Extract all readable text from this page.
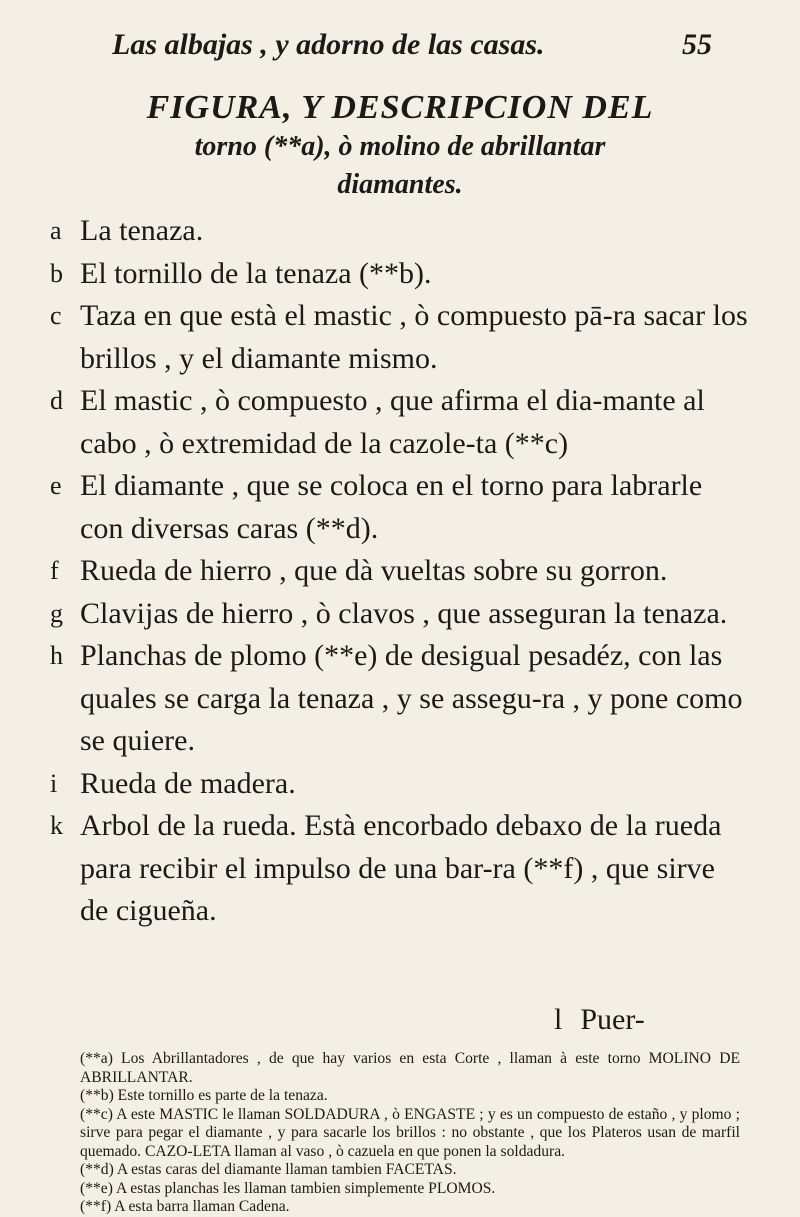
Las albajas , y adorno de las casas.	55
FIGURA, Y DESCRIPCION DEL
torno (**a), ò molino de abrillantar
diamantes.
a La tenaza.
b El tornillo de la tenaza (**b).
c Taza en que està el mastic , ò compuesto pā-ra sacar los brillos , y el diamante mismo.
d El mastic , ò compuesto , que afirma el dia-mante al cabo , ò extremidad de la cazole-ta (**c)
e El diamante , que se coloca en el torno para labrarle con diversas caras (**d).
f Rueda de hierro , que dà vueltas sobre su gorron.
g Clavijas de hierro , ò clavos , que asseguran la tenaza.
h Planchas de plomo (**e) de desigual pesadéz, con las quales se carga la tenaza , y se assegu-ra , y pone como se quiere.
i Rueda de madera.
k Arbol de la rueda. Està encorbado debaxo de la rueda para recibir el impulso de una bar-ra (**f) , que sirve de cigueña.
l Puer-
(**a) Los Abrillantadores , de que hay varios en esta Corte , llaman à este torno MOLINO DE ABRILLANTAR.
(**b) Este tornillo es parte de la tenaza.
(**c) A este MASTIC le llaman SOLDADURA , ò ENGASTE ; y es un compuesto de estaño , y plomo ; sirve para pegar el diamante , y para sacarle los brillos : no obstante , que los Plateros usan de marfil quemado. CAZO-LETA llaman al vaso , ò cazuela en que ponen la soldadura.
(**d) A estas caras del diamante llaman tambien FACETAS.
(**e) A estas planchas les llaman tambien simplemente PLOMOS.
(**f) A esta barra llaman Cadena.
